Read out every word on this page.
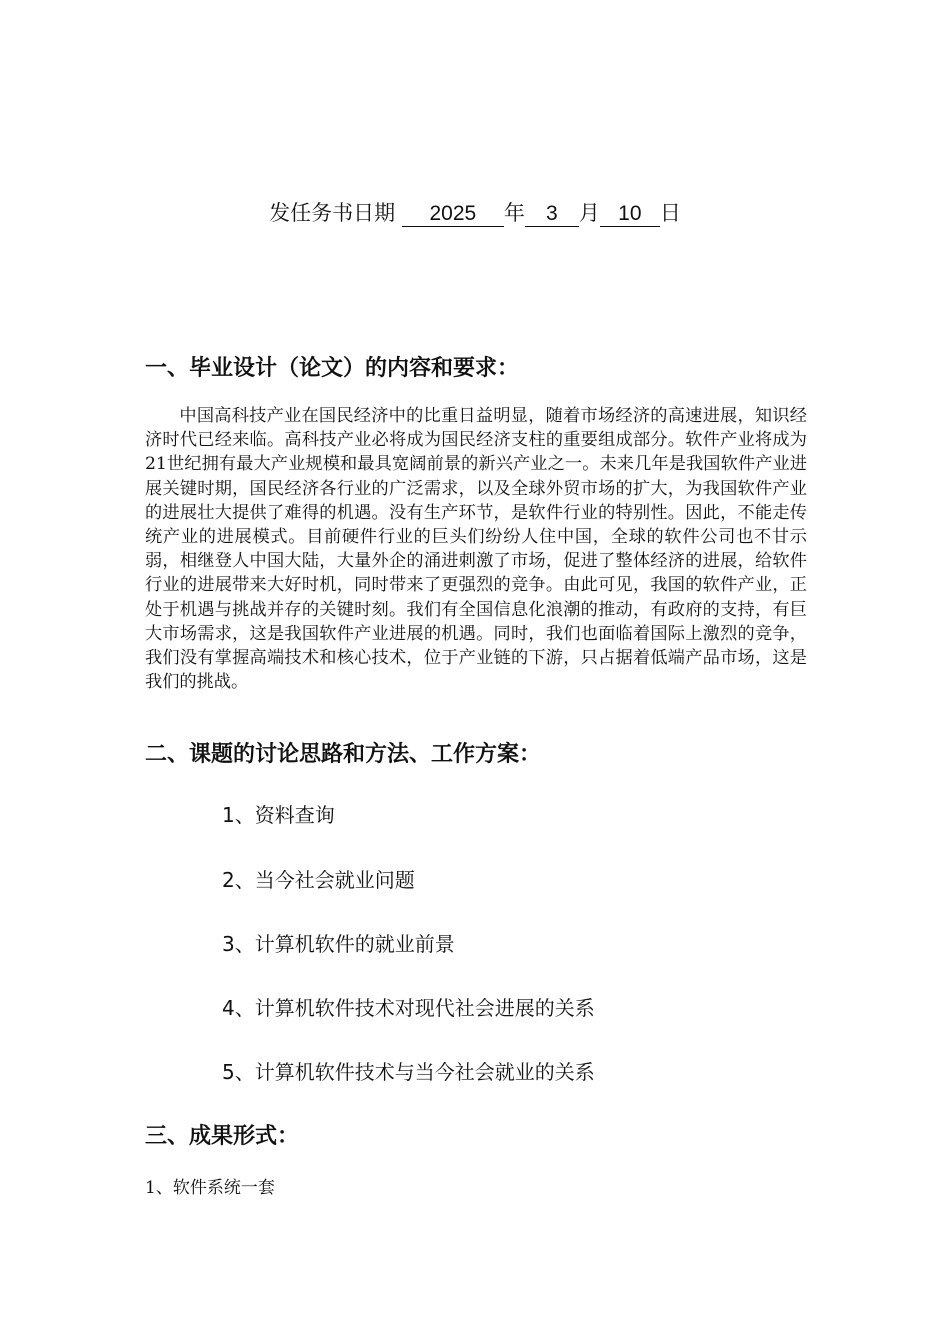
发任务书日期 2025 年 3 月 10 日
一、毕业设计（论文）的内容和要求：

中国高科技产业在国民经济中的比重日益明显，随着市场经济的高速进展，知识经济时代已经来临。高科技产业必将成为国民经济支柱的重要组成部分。软件产业将成为21世纪拥有最大产业规模和最具宽阔前景的新兴产业之一。未来几年是我国软件产业进展关键时期，国民经济各行业的广泛需求，以及全球外贸市场的扩大，为我国软件产业的进展壮大提供了难得的机遇。没有生产环节，是软件行业的特别性。因此，不能走传统产业的进展模式。目前硬件行业的巨头们纷纷人住中国，全球的软件公司也不甘示弱，相继登人中国大陆，大量外企的涌进刺激了市场，促进了整体经济的进展，给软件行业的进展带来大好时机，同时带来了更强烈的竞争。由此可见，我国的软件产业，正处于机遇与挑战并存的关键时刻。我们有全国信息化浪潮的推动，有政府的支持，有巨大市场需求，这是我国软件产业进展的机遇。同时，我们也面临着国际上激烈的竞争，我们没有掌握高端技术和核心技术，位于产业链的下游，只占据着低端产品市场，这是我们的挑战。

二、课题的讨论思路和方法、工作方案：
1、资料查询
2、当今社会就业问题
3、计算机软件的就业前景
4、计算机软件技术对现代社会进展的关系
5、计算机软件技术与当今社会就业的关系
三、成果形式：
1、软件系统一套
